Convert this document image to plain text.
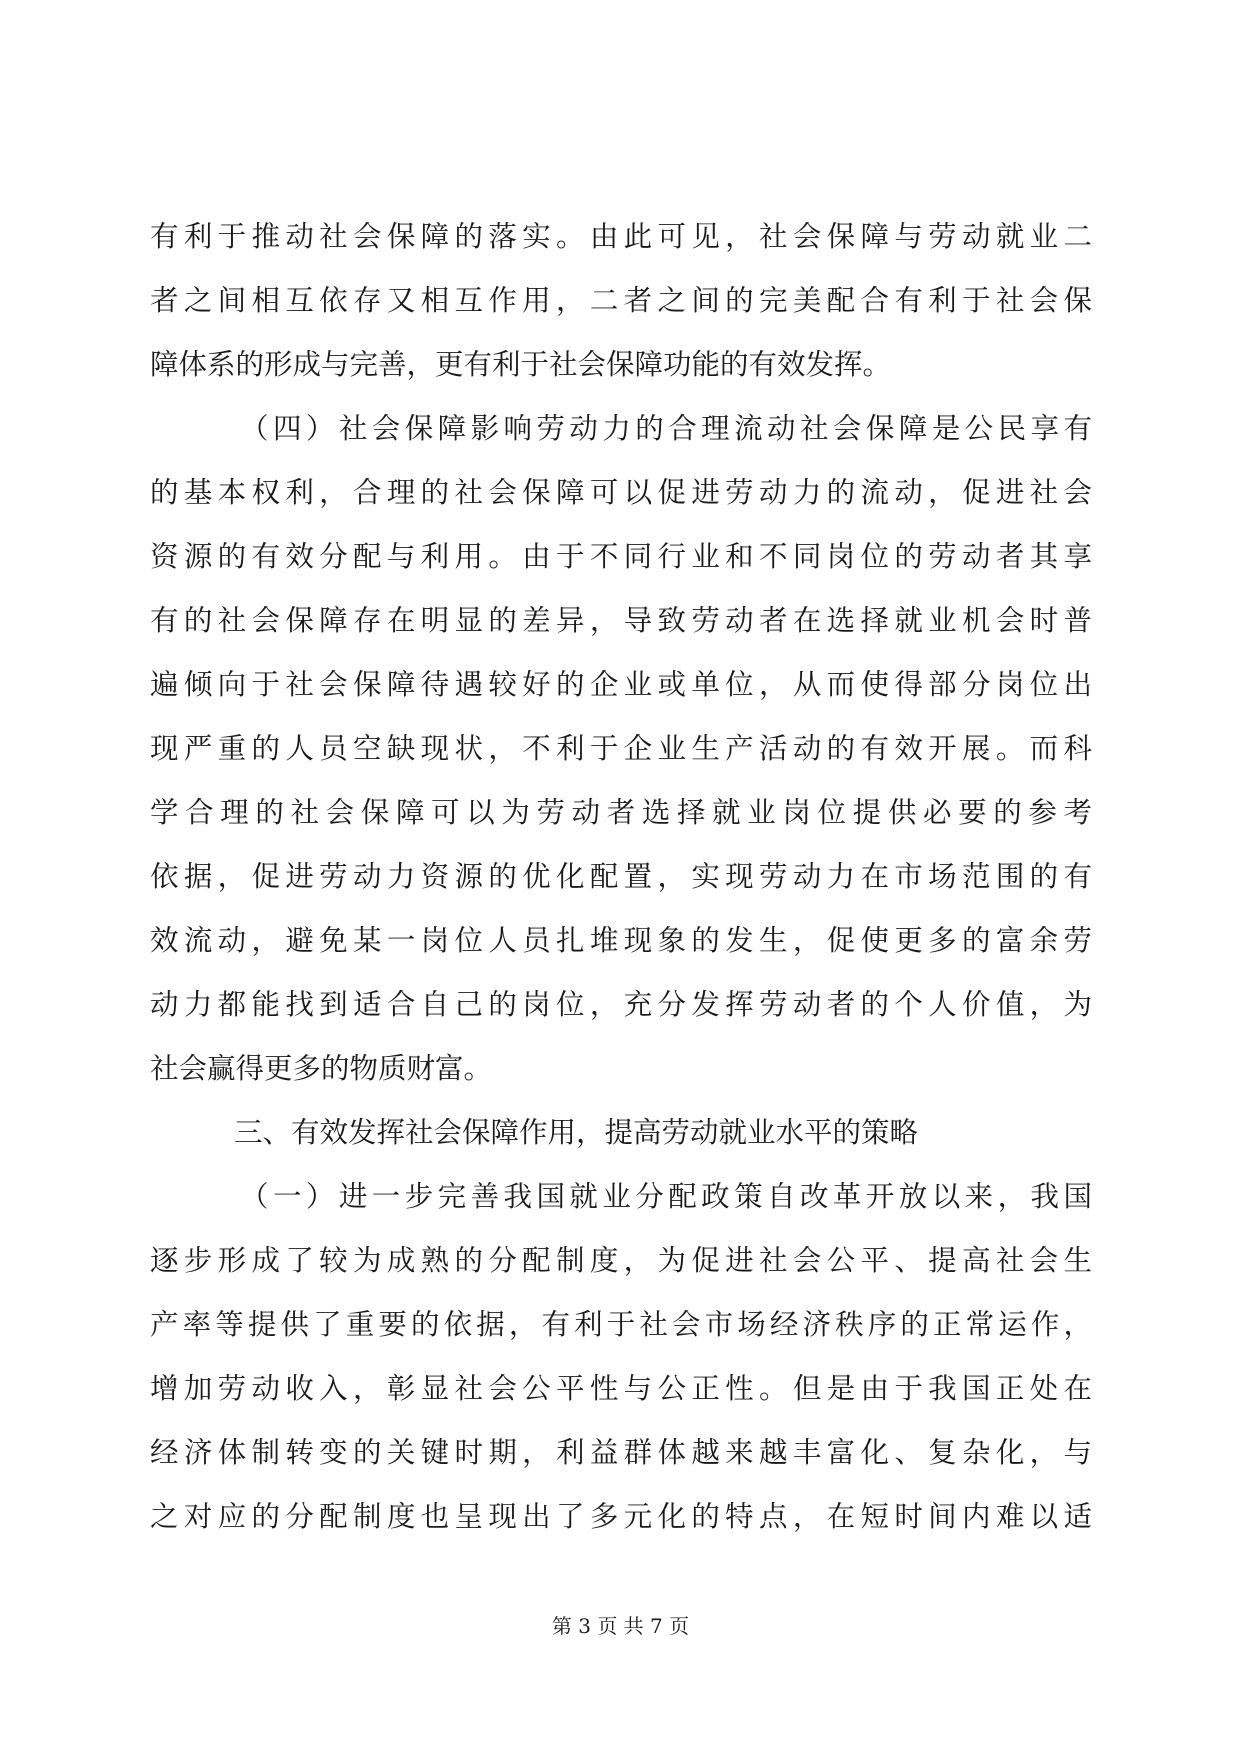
有利于推动社会保障的落实。由此可见，社会保障与劳动就业二
者之间相互依存又相互作用，二者之间的完美配合有利于社会保
障体系的形成与完善，更有利于社会保障功能的有效发挥。
（四）社会保障影响劳动力的合理流动社会保障是公民享有
的基本权利，合理的社会保障可以促进劳动力的流动，促进社会
资源的有效分配与利用。由于不同行业和不同岗位的劳动者其享
有的社会保障存在明显的差异，导致劳动者在选择就业机会时普
遍倾向于社会保障待遇较好的企业或单位，从而使得部分岗位出
现严重的人员空缺现状，不利于企业生产活动的有效开展。而科
学合理的社会保障可以为劳动者选择就业岗位提供必要的参考
依据，促进劳动力资源的优化配置，实现劳动力在市场范围的有
效流动，避免某一岗位人员扎堆现象的发生，促使更多的富余劳
动力都能找到适合自己的岗位，充分发挥劳动者的个人价值，为
社会赢得更多的物质财富。
三、有效发挥社会保障作用，提高劳动就业水平的策略
（一）进一步完善我国就业分配政策自改革开放以来，我国
逐步形成了较为成熟的分配制度，为促进社会公平、提高社会生
产率等提供了重要的依据，有利于社会市场经济秩序的正常运作，
增加劳动收入，彰显社会公平性与公正性。但是由于我国正处在
经济体制转变的关键时期，利益群体越来越丰富化、复杂化，与
之对应的分配制度也呈现出了多元化的特点，在短时间内难以适
第 3 页 共 7 页
